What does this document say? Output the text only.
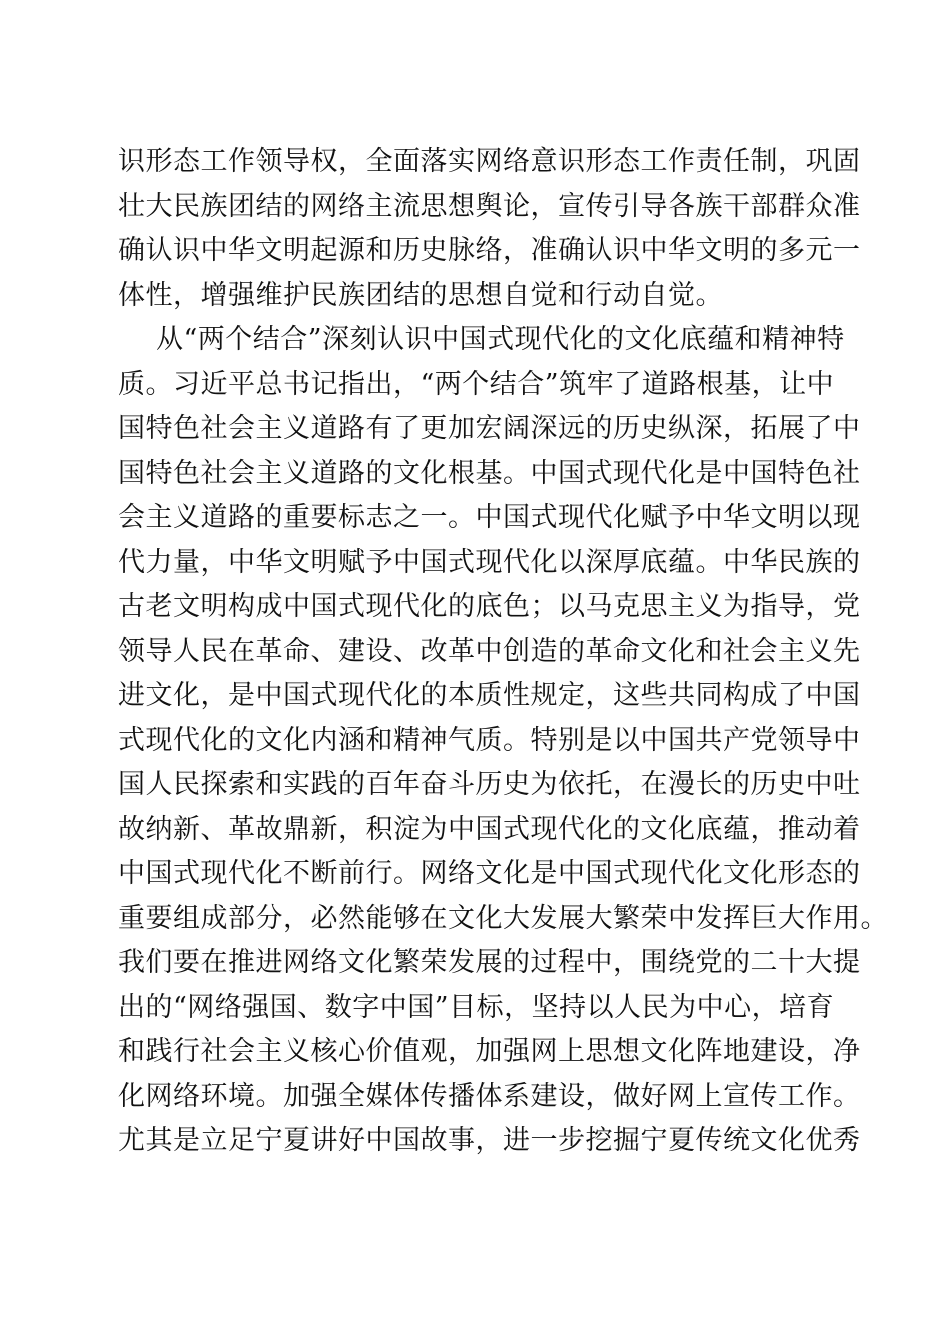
识形态工作领导权，全面落实网络意识形态工作责任制，巩固
壮大民族团结的网络主流思想舆论，宣传引导各族干部群众准
确认识中华文明起源和历史脉络，准确认识中华文明的多元一
体性，增强维护民族团结的思想自觉和行动自觉。
从“两个结合”深刻认识中国式现代化的文化底蕴和精神特
质。习近平总书记指出，“两个结合”筑牢了道路根基，让中
国特色社会主义道路有了更加宏阔深远的历史纵深，拓展了中
国特色社会主义道路的文化根基。中国式现代化是中国特色社
会主义道路的重要标志之一。中国式现代化赋予中华文明以现
代力量，中华文明赋予中国式现代化以深厚底蕴。中华民族的
古老文明构成中国式现代化的底色；以马克思主义为指导，党
领导人民在革命、建设、改革中创造的革命文化和社会主义先
进文化，是中国式现代化的本质性规定，这些共同构成了中国
式现代化的文化内涵和精神气质。特别是以中国共产党领导中
国人民探索和实践的百年奋斗历史为依托，在漫长的历史中吐
故纳新、革故鼎新，积淀为中国式现代化的文化底蕴，推动着
中国式现代化不断前行。网络文化是中国式现代化文化形态的
重要组成部分，必然能够在文化大发展大繁荣中发挥巨大作用。
我们要在推进网络文化繁荣发展的过程中，围绕党的二十大提
出的“网络强国、数字中国”目标，坚持以人民为中心，培育
和践行社会主义核心价值观，加强网上思想文化阵地建设，净
化网络环境。加强全媒体传播体系建设，做好网上宣传工作。
尤其是立足宁夏讲好中国故事，进一步挖掘宁夏传统文化优秀
